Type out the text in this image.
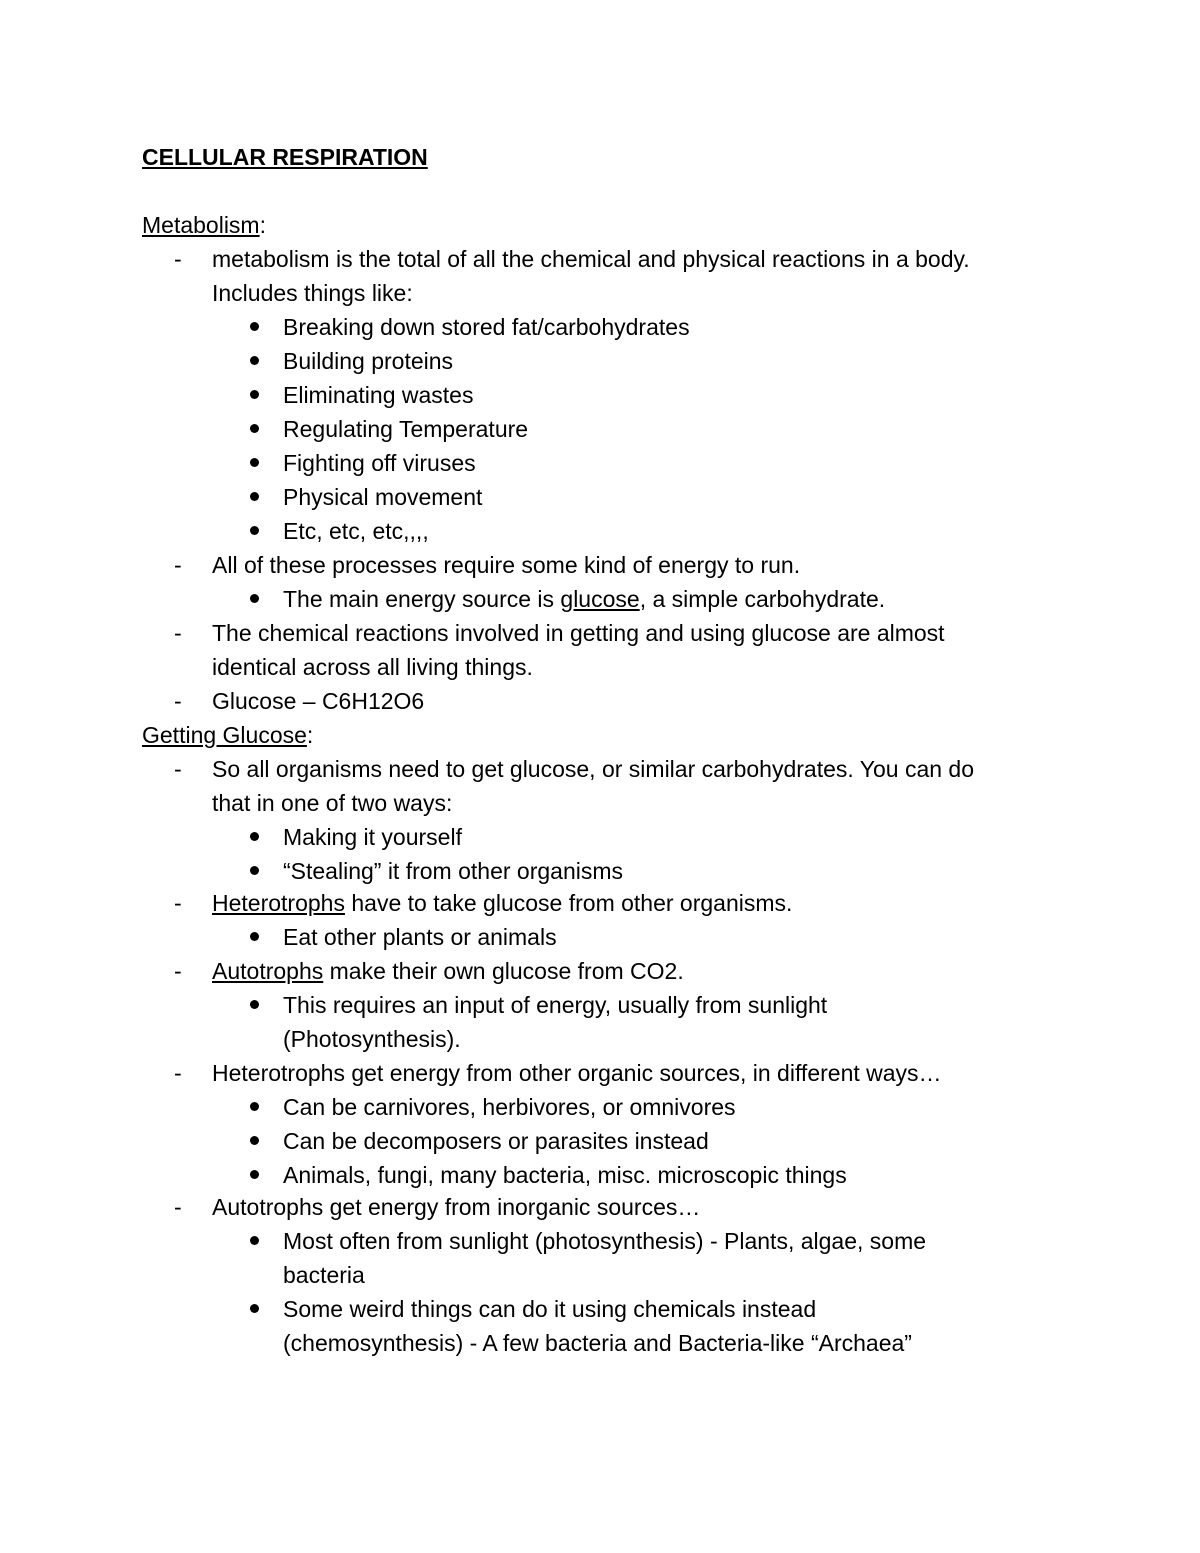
CELLULAR RESPIRATION
Metabolism:
- metabolism is the total of all the chemical and physical reactions in a body.
Includes things like:
Breaking down stored fat/carbohydrates
Building proteins
Eliminating wastes
Regulating Temperature
Fighting off viruses
Physical movement
Etc, etc, etc,,,,
- All of these processes require some kind of energy to run.
The main energy source is glucose, a simple carbohydrate.
- The chemical reactions involved in getting and using glucose are almost
identical across all living things.
- Glucose – C6H12O6
Getting Glucose:
- So all organisms need to get glucose, or similar carbohydrates. You can do
that in one of two ways:
Making it yourself
“Stealing” it from other organisms
- Heterotrophs have to take glucose from other organisms.
Eat other plants or animals
- Autotrophs make their own glucose from CO2.
This requires an input of energy, usually from sunlight
(Photosynthesis).
- Heterotrophs get energy from other organic sources, in different ways…
Can be carnivores, herbivores, or omnivores
Can be decomposers or parasites instead
Animals, fungi, many bacteria, misc. microscopic things
- Autotrophs get energy from inorganic sources…
Most often from sunlight (photosynthesis) - Plants, algae, some
bacteria
Some weird things can do it using chemicals instead
(chemosynthesis) - A few bacteria and Bacteria-like “Archaea”
